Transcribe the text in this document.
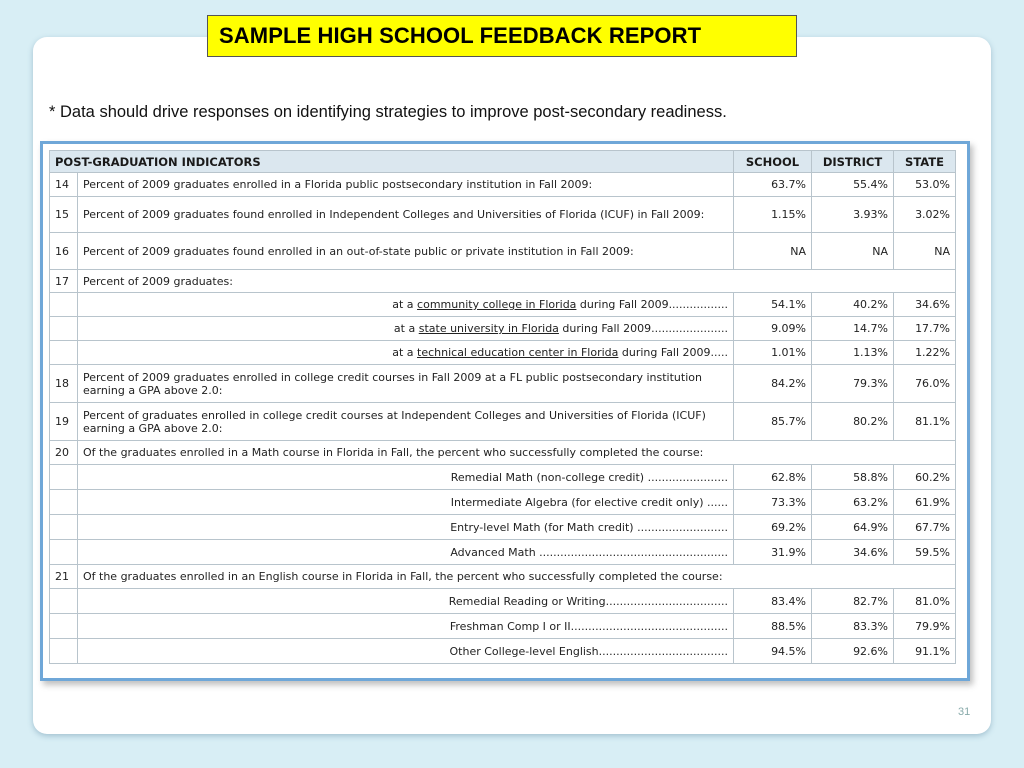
SAMPLE HIGH SCHOOL FEEDBACK REPORT
* Data should drive responses on identifying strategies to improve post-secondary readiness.
POST-GRADUATION INDICATORS		SCHOOL	DISTRICT	STATE
14	Percent of 2009 graduates enrolled in a Florida public postsecondary institution in Fall 2009:	63.7%	55.4%	53.0%
15	Percent of 2009 graduates found enrolled in Independent Colleges and Universities of Florida (ICUF) in Fall 2009:	1.15%	3.93%	3.02%
16	Percent of 2009 graduates found enrolled in an out-of-state public or private institution in Fall 2009:	NA	NA	NA
17	Percent of 2009 graduates:			
	at a community college in Florida during Fall 2009.................	54.1%	40.2%	34.6%
	at a state university in Florida during Fall 2009......................	9.09%	14.7%	17.7%
	at a technical education center in Florida during Fall 2009.....	1.01%	1.13%	1.22%
18	Percent of 2009 graduates enrolled in college credit courses in Fall 2009 at a FL public postsecondary institution earning a GPA above 2.0:	84.2%	79.3%	76.0%
19	Percent of graduates enrolled in college credit courses at Independent Colleges and Universities of Florida (ICUF) earning a GPA above 2.0:	85.7%	80.2%	81.1%
20	Of the graduates enrolled in a Math course in Florida in Fall, the percent who successfully completed the course:			
	Remedial Math (non-college credit) .......................	62.8%	58.8%	60.2%
	Intermediate Algebra (for elective credit only) ......	73.3%	63.2%	61.9%
	Entry-level Math (for Math credit) ..........................	69.2%	64.9%	67.7%
	Advanced Math ......................................................	31.9%	34.6%	59.5%
21	Of the graduates enrolled in an English course in Florida in Fall, the percent who successfully completed the course:			
	Remedial Reading or Writing...................................	83.4%	82.7%	81.0%
	Freshman Comp I or II.............................................	88.5%	83.3%	79.9%
	Other College-level English.....................................	94.5%	92.6%	91.1%
31
